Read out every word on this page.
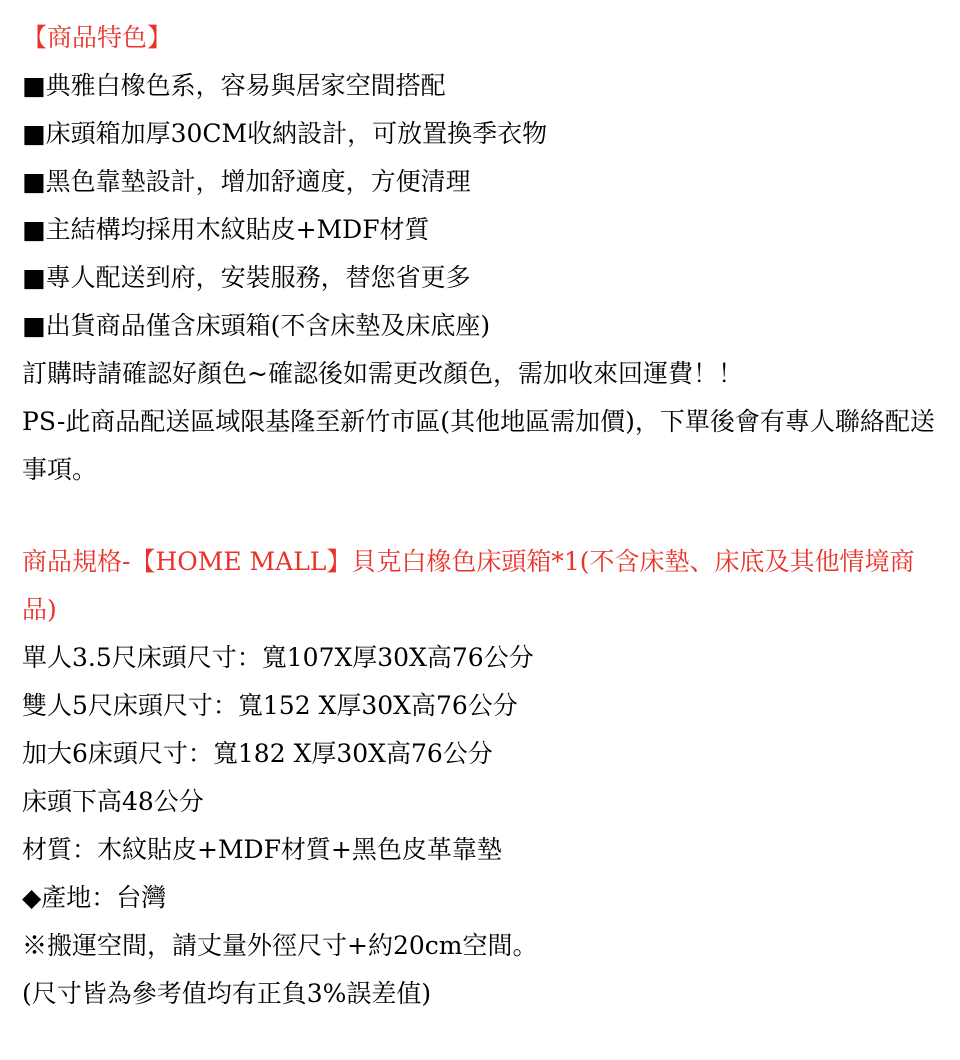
【商品特色】
■典雅白橡色系，容易與居家空間搭配
■床頭箱加厚30CM收納設計，可放置換季衣物
■黑色靠墊設計，增加舒適度，方便清理
■主結構均採用木紋貼皮+MDF材質
■專人配送到府，安裝服務，替您省更多
■出貨商品僅含床頭箱(不含床墊及床底座)
訂購時請確認好顏色~確認後如需更改顏色，需加收來回運費！！
PS-此商品配送區域限基隆至新竹市區(其他地區需加價)，下單後會有專人聯絡配送事項。
商品規格-【HOME MALL】貝克白橡色床頭箱*1(不含床墊、床底及其他情境商品)
單人3.5尺床頭尺寸：寬107X厚30X高76公分
雙人5尺床頭尺寸：寬152 X厚30X高76公分
加大6床頭尺寸：寬182 X厚30X高76公分
床頭下高48公分
材質：木紋貼皮+MDF材質+黑色皮革靠墊
◆產地：台灣
※搬運空間，請丈量外徑尺寸+約20cm空間。
(尺寸皆為參考值均有正負3%誤差值)
